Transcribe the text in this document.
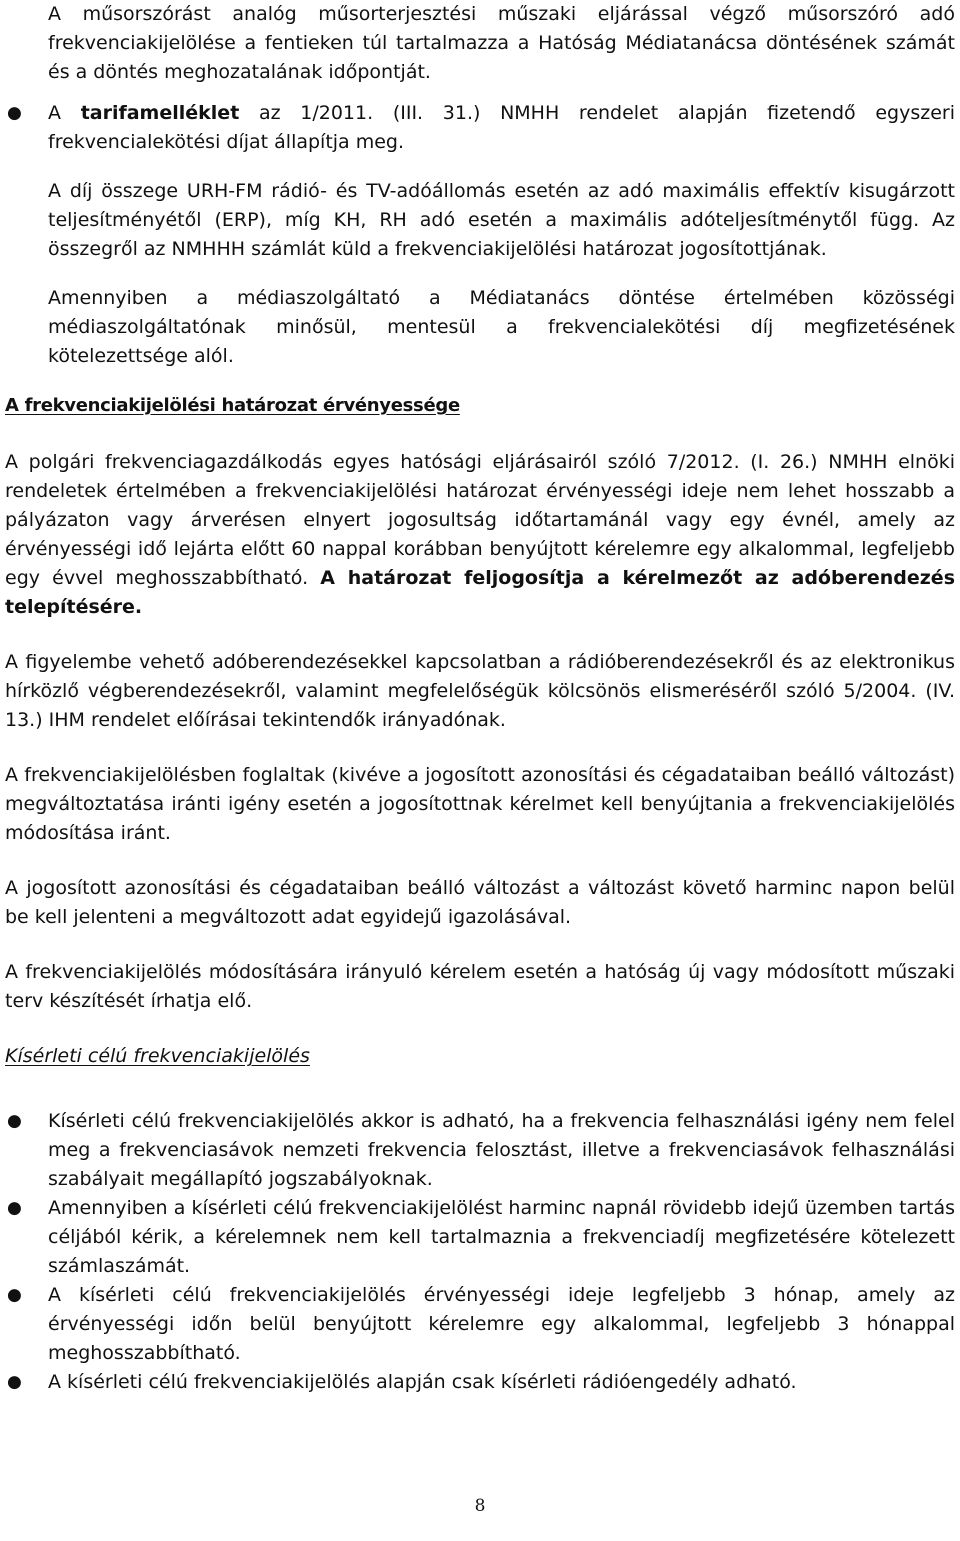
A műsorszórást analóg műsorterjesztési műszaki eljárással végző műsorszóró adó frekvenciakijelölése a fentieken túl tartalmazza a Hatóság Médiatanácsa döntésének számát és a döntés meghozatalának időpontját.

● A tarifamelléklet az 1/2011. (III. 31.) NMHH rendelet alapján fizetendő egyszeri frekvencialekötési díjat állapítja meg.

A díj összege URH-FM rádió- és TV-adóállomás esetén az adó maximális effektív kisugárzott teljesítményétől (ERP), míg KH, RH adó esetén a maximális adóteljesítménytől függ. Az összegről az NMHHH számlát küld a frekvenciakijelölési határozat jogosítottjának.

Amennyiben a médiaszolgáltató a Médiatanács döntése értelmében közösségi médiaszolgáltatónak minősül, mentesül a frekvencialekötési díj megfizetésének kötelezettsége alól.

A frekvenciakijelölési határozat érvényessége

A polgári frekvenciagazdálkodás egyes hatósági eljárásairól szóló 7/2012. (I. 26.) NMHH elnöki rendeletek értelmében a frekvenciakijelölési határozat érvényességi ideje nem lehet hosszabb a pályázaton vagy árverésen elnyert jogosultság időtartamánál vagy egy évnél, amely az érvényességi idő lejárta előtt 60 nappal korábban benyújtott kérelemre egy alkalommal, legfeljebb egy évvel meghosszabbítható. A határozat feljogosítja a kérelmezőt az adóberendezés telepítésére.

A figyelembe vehető adóberendezésekkel kapcsolatban a rádióberendezésekről és az elektronikus hírközlő végberendezésekről, valamint megfelelőségük kölcsönös elismeréséről szóló 5/2004. (IV. 13.) IHM rendelet előírásai tekintendők irányadónak.

A frekvenciakijelölésben foglaltak (kivéve a jogosított azonosítási és cégadataiban beálló változást) megváltoztatása iránti igény esetén a jogosítottnak kérelmet kell benyújtania a frekvenciakijelölés módosítása iránt.

A jogosított azonosítási és cégadataiban beálló változást a változást követő harminc napon belül be kell jelenteni a megváltozott adat egyidejű igazolásával.

A frekvenciakijelölés módosítására irányuló kérelem esetén a hatóság új vagy módosított műszaki terv készítését írhatja elő.

Kísérleti célú frekvenciakijelölés

● Kísérleti célú frekvenciakijelölés akkor is adható, ha a frekvencia felhasználási igény nem felel meg a frekvenciasávok nemzeti frekvencia felosztást, illetve a frekvenciasávok felhasználási szabályait megállapító jogszabályoknak.
● Amennyiben a kísérleti célú frekvenciakijelölést harminc napnál rövidebb idejű üzemben tartás céljából kérik, a kérelemnek nem kell tartalmaznia a frekvenciadíj megfizetésére kötelezett számlaszámát.
● A kísérleti célú frekvenciakijelölés érvényességi ideje legfeljebb 3 hónap, amely az érvényességi időn belül benyújtott kérelemre egy alkalommal, legfeljebb 3 hónappal meghosszabbítható.
● A kísérleti célú frekvenciakijelölés alapján csak kísérleti rádióengedély adható.
8
